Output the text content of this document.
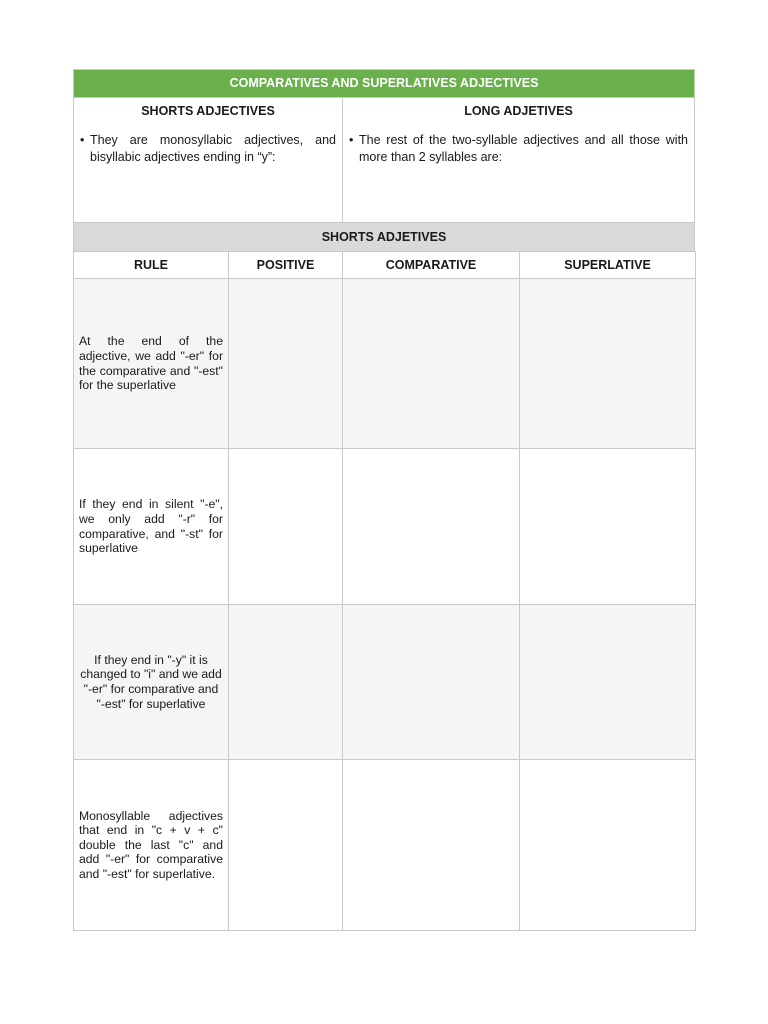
COMPARATIVES AND SUPERLATIVES ADJECTIVES
SHORTS ADJECTIVES
• They are monosyllabic adjectives, and bisyllabic adjectives ending in “y”:
LONG ADJETIVES
• The rest of the two-syllable adjectives and all those with more than 2 syllables are:
SHORTS ADJETIVES
RULE	POSITIVE	COMPARATIVE	SUPERLATIVE
At the end of the adjective, we add "-er" for the comparative and "-est" for the superlative			
If they end in silent "-e", we only add "-r" for comparative, and "-st" for superlative			
If they end in "-y" it is changed to "i" and we add "-er" for comparative and "-est" for superlative			
Monosyllable adjectives that end in "c + v + c" double the last "c" and add "-er" for comparative and "-est" for superlative.			
